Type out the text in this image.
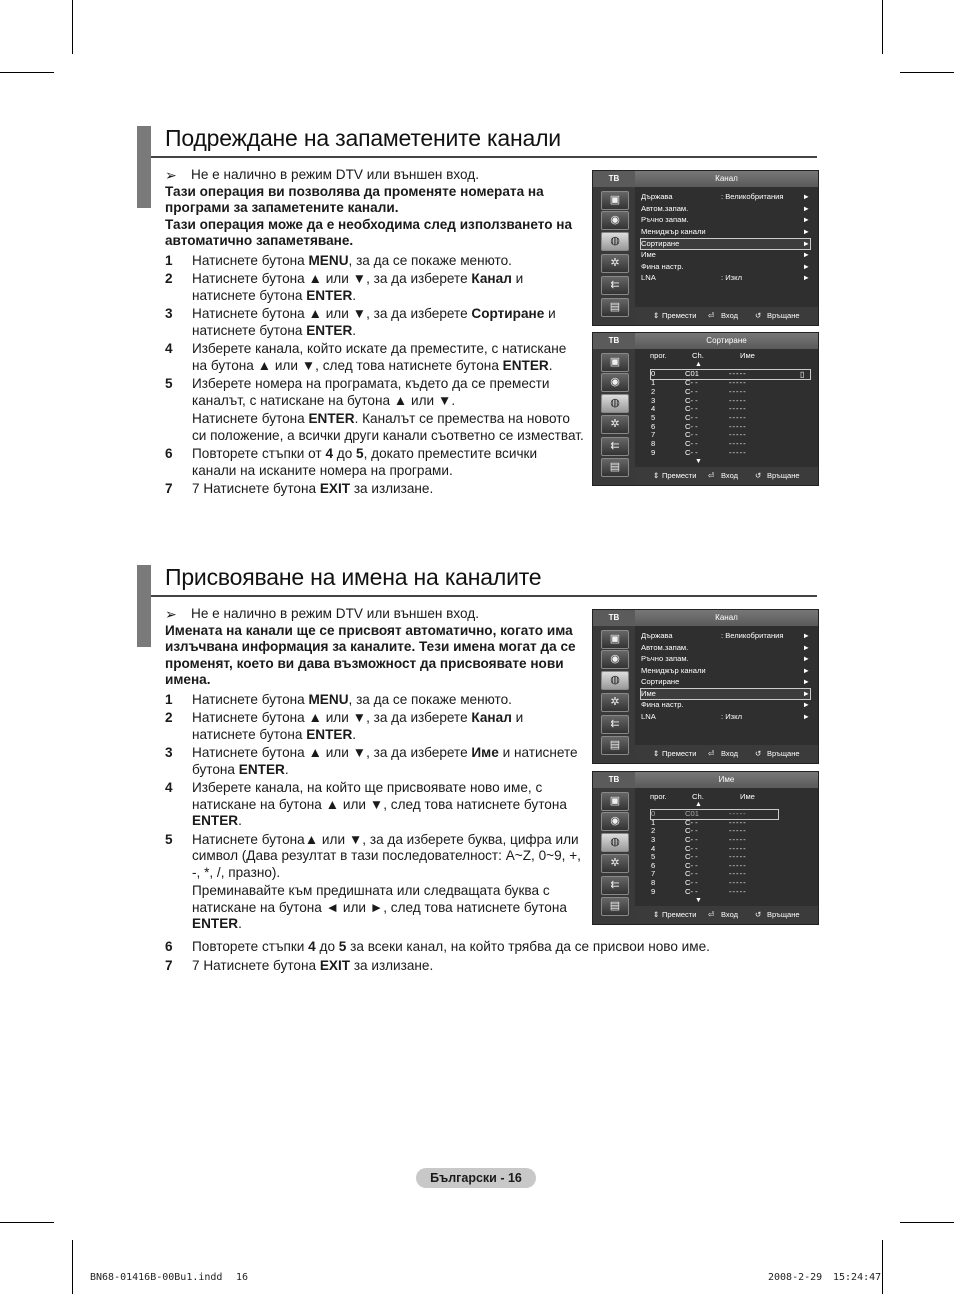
Подреждане на запаметените канали
➢ Не е налично в режим DTV или външен вход.
Тази операция ви позволява да променяте номерата на програми за запаметените канали.
Тази операция може да е необходима след използването на автоматично запаметяване.
1	Натиснете бутона MENU, за да се покаже менюто.
2	Натиснете бутона ▲ или ▼, за да изберете Канал и натиснете бутона ENTER.
3	Натиснете бутона ▲ или ▼, за да изберете Сортиране и натиснете бутона ENTER.
4	Изберете канала, който искате да преместите, с натискане на бутона ▲ или ▼, след това натиснете бутона ENTER.
5	Изберете номера на програмата, където да се премести каналът, с натискане на бутона ▲ или ▼.
Натиснете бутона ENTER. Каналът се премества на новото си положение, а всички други канали съответно се изместват.
6	Повторете стъпки от 4 до 5, докато преместите всички канали на исканите номера на програми.
7	7 Натиснете бутона EXIT за излизане.
ТВ	Канал
▣
◉
◍
✲
⇇
▤
Държава	: Великобритания ►
Автом.запам.	►
Ръчно запам.	►
Мениджър канали	►
Сортиране	►
Име	►
Фина настр.	►
LNA	: Изкл	►
⇕ Премести ⏎ Вход ↺ Връщане
ТВ	Сортиране
▣
◉
◍
✲
⇇
▤
прог.	Ch.	Име
▲
0	C01	-----
1	C- -	-----
2	C- -	-----
3	C- -	-----
4	C- -	-----
5	C- -	-----
6	C- -	-----
7	C- -	-----
8	C- -	-----
9	C- -	-----
▼
▯
⇕ Премести ⏎ Вход ↺ Връщане
Присвояване на имена на каналите
➢ Не е налично в режим DTV или външен вход.
Имената на канали ще се присвоят автоматично, когато има излъчвана информация за каналите. Тези имена могат да се променят, което ви дава възможност да присвоявате нови имена.
1	Натиснете бутона MENU, за да се покаже менюто.
2	Натиснете бутона ▲ или ▼, за да изберете Канал и натиснете бутона ENTER.
3	Натиснете бутона ▲ или ▼, за да изберете Име и натиснете бутона ENTER.
4	Изберете канала, на който ще присвоявате ново име, с натискане на бутона ▲ или ▼, след това натиснете бутона ENTER.
5	Натиснете бутона▲ или ▼, за да изберете буква, цифра или символ (Дава резултат в тази последователност: A~Z, 0~9, +, -, *, /, празно).
Преминавайте към предишната или следващата буква с натискане на бутона ◄ или ►, след това натиснете бутона ENTER.
6	Повторете стъпки 4 до 5 за всеки канал, на който трябва да се присвои ново име.
7	7 Натиснете бутона EXIT за излизане.
ТВ	Канал
▣
◉
◍
✲
⇇
▤
Държава	: Великобритания ►
Автом.запам.	►
Ръчно запам.	►
Мениджър канали	►
Сортиране	►
Име	►
Фина настр.	►
LNA	: Изкл	►
⇕ Премести ⏎ Вход ↺ Връщане
ТВ	Име
▣
◉
◍
✲
⇇
▤
прог.	Ch.	Име
▲
0	C01	-----
1	C- -	-----
2	C- -	-----
3	C- -	-----
4	C- -	-----
5	C- -	-----
6	C- -	-----
7	C- -	-----
8	C- -	-----
9	C- -	-----
▼
⇕ Премести ⏎ Вход ↺ Връщане
Български - 16
BN68-01416B-00Bu1.indd 16	2008-2-29 15:24:47
